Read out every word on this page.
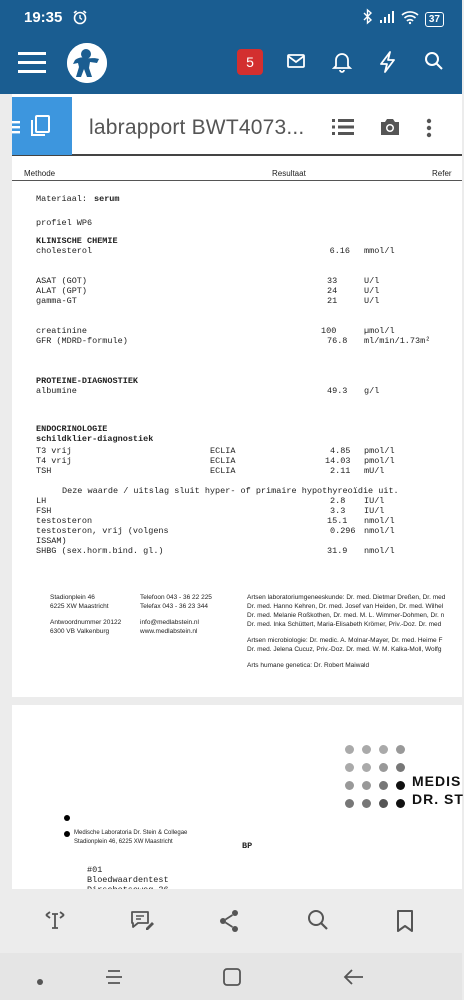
19:35	37
5
labrapport BWT4073...
Methode	Resultaat	Refer
Materiaal: serum
profiel WP6
KLINISCHE CHEMIE
cholesterol	6.16 mmol/l
ASAT (GOT)	33	U/l
ALAT (GPT)	24	U/l
gamma-GT	21	U/l
creatinine	100	µmol/l
GFR (MDRD-formule)	76.8 ml/min/1.73m²
PROTEINE-DIAGNOSTIEK
albumine	49.3 g/l
ENDOCRINOLOGIE
schildklier-diagnostiek
T3 vrij	ECLIA	4.85 pmol/l
T4 vrij	ECLIA	14.03 pmol/l
TSH	ECLIA	2.11 mU/l
Deze waarde / uitslag sluit hyper- of primaire hypothyreoïdie uit.
LH	2.8 IU/l
FSH	3.3 IU/l
testosteron	15.1 nmol/l
testosteron, vrij (volgens	0.296 nmol/l
ISSAM)
SHBG (sex.horm.bind. gl.)	31.9 nmol/l
Stadionplein 46
6225 XW Maastricht
Antwoordnummer 20122
6300 VB Valkenburg
Telefoon 043 - 36 22 225
Telefax 043 - 36 23 344
info@medlabstein.nl
www.medlabstein.nl
Artsen laboratoriumgeneeskunde: Dr. med. Dietmar Dreßen, Dr. med
Dr. med. Hanno Kehren, Dr. med. Josef van Heiden, Dr. med. Wilhel
Dr. med. Melanie Roßkothen, Dr. med. M. L. Wimmer-Dohmen, Dr. n
Dr. med. Inka Schüttert, Maria-Elisabeth Krömer, Priv.-Doz. Dr. med
Artsen microbiologie: Dr. medic. A. Molnar-Mayer, Dr. med. Heime F
Dr. med. Jelena Cucuz, Priv.-Doz. Dr. med. W. M. Kalka-Moll, Wolfg
Arts humane genetica: Dr. Robert Maiwald
MEDIS
DR. ST
Medische Laboratoria Dr. Stein & Collegae
Stadionplein 46, 6225 XW Maastricht	BP
#01
Bloedwaardentest
